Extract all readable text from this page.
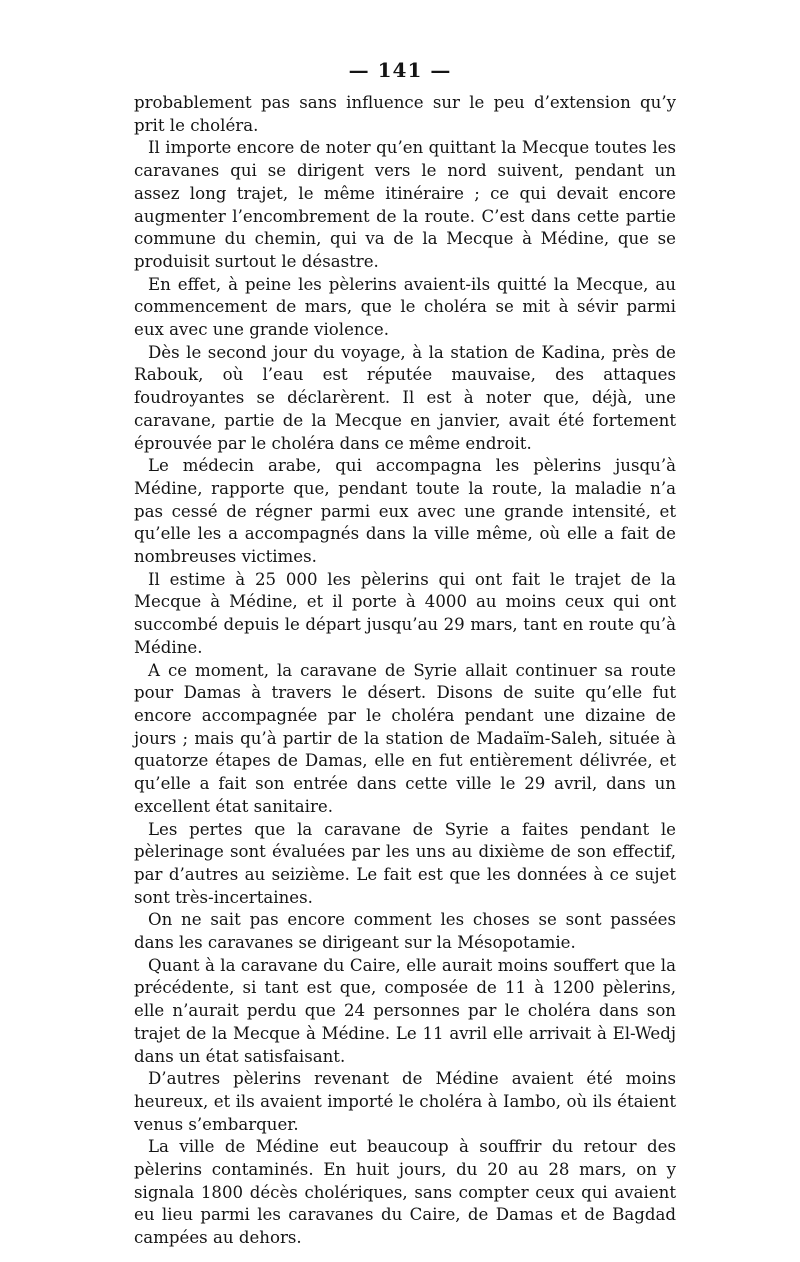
— 141 —

probablement pas sans influence sur le peu d’extension qu’y prit le choléra.

Il importe encore de noter qu’en quittant la Mecque toutes les caravanes qui se dirigent vers le nord suivent, pendant un assez long trajet, le même itinéraire ; ce qui devait encore augmenter l’encombrement de la route. C’est dans cette partie commune du chemin, qui va de la Mecque à Médine, que se produisit surtout le désastre.

En effet, à peine les pèlerins avaient-ils quitté la Mecque, au commencement de mars, que le choléra se mit à sévir parmi eux avec une grande violence.

Dès le second jour du voyage, à la station de Kadina, près de Rabouk, où l’eau est réputée mauvaise, des attaques foudroyantes se déclarèrent. Il est à noter que, déjà, une caravane, partie de la Mecque en janvier, avait été fortement éprouvée par le choléra dans ce même endroit.

Le médecin arabe, qui accompagna les pèlerins jusqu’à Médine, rapporte que, pendant toute la route, la maladie n’a pas cessé de régner parmi eux avec une grande intensité, et qu’elle les a accompagnés dans la ville même, où elle a fait de nombreuses victimes.

Il estime à 25 000 les pèlerins qui ont fait le trajet de la Mecque à Médine, et il porte à 4000 au moins ceux qui ont succombé depuis le départ jusqu’au 29 mars, tant en route qu’à Médine.

A ce moment, la caravane de Syrie allait continuer sa route pour Damas à travers le désert. Disons de suite qu’elle fut encore accompagnée par le choléra pendant une dizaine de jours ; mais qu’à partir de la station de Madaïm-Saleh, située à quatorze étapes de Damas, elle en fut entièrement délivrée, et qu’elle a fait son entrée dans cette ville le 29 avril, dans un excellent état sanitaire.

Les pertes que la caravane de Syrie a faites pendant le pèlerinage sont évaluées par les uns au dixième de son effectif, par d’autres au seizième. Le fait est que les données à ce sujet sont très-incertaines.

On ne sait pas encore comment les choses se sont passées dans les caravanes se dirigeant sur la Mésopotamie.

Quant à la caravane du Caire, elle aurait moins souffert que la précédente, si tant est que, composée de 11 à 1200 pèlerins, elle n’aurait perdu que 24 personnes par le choléra dans son trajet de la Mecque à Médine. Le 11 avril elle arrivait à El-Wedj dans un état satisfaisant.

D’autres pèlerins revenant de Médine avaient été moins heureux, et ils avaient importé le choléra à Iambo, où ils étaient venus s’embarquer.

La ville de Médine eut beaucoup à souffrir du retour des pèlerins contaminés. En huit jours, du 20 au 28 mars, on y signala 1800 décès cholériques, sans compter ceux qui avaient eu lieu parmi les caravanes du Caire, de Damas et de Bagdad campées au dehors.
